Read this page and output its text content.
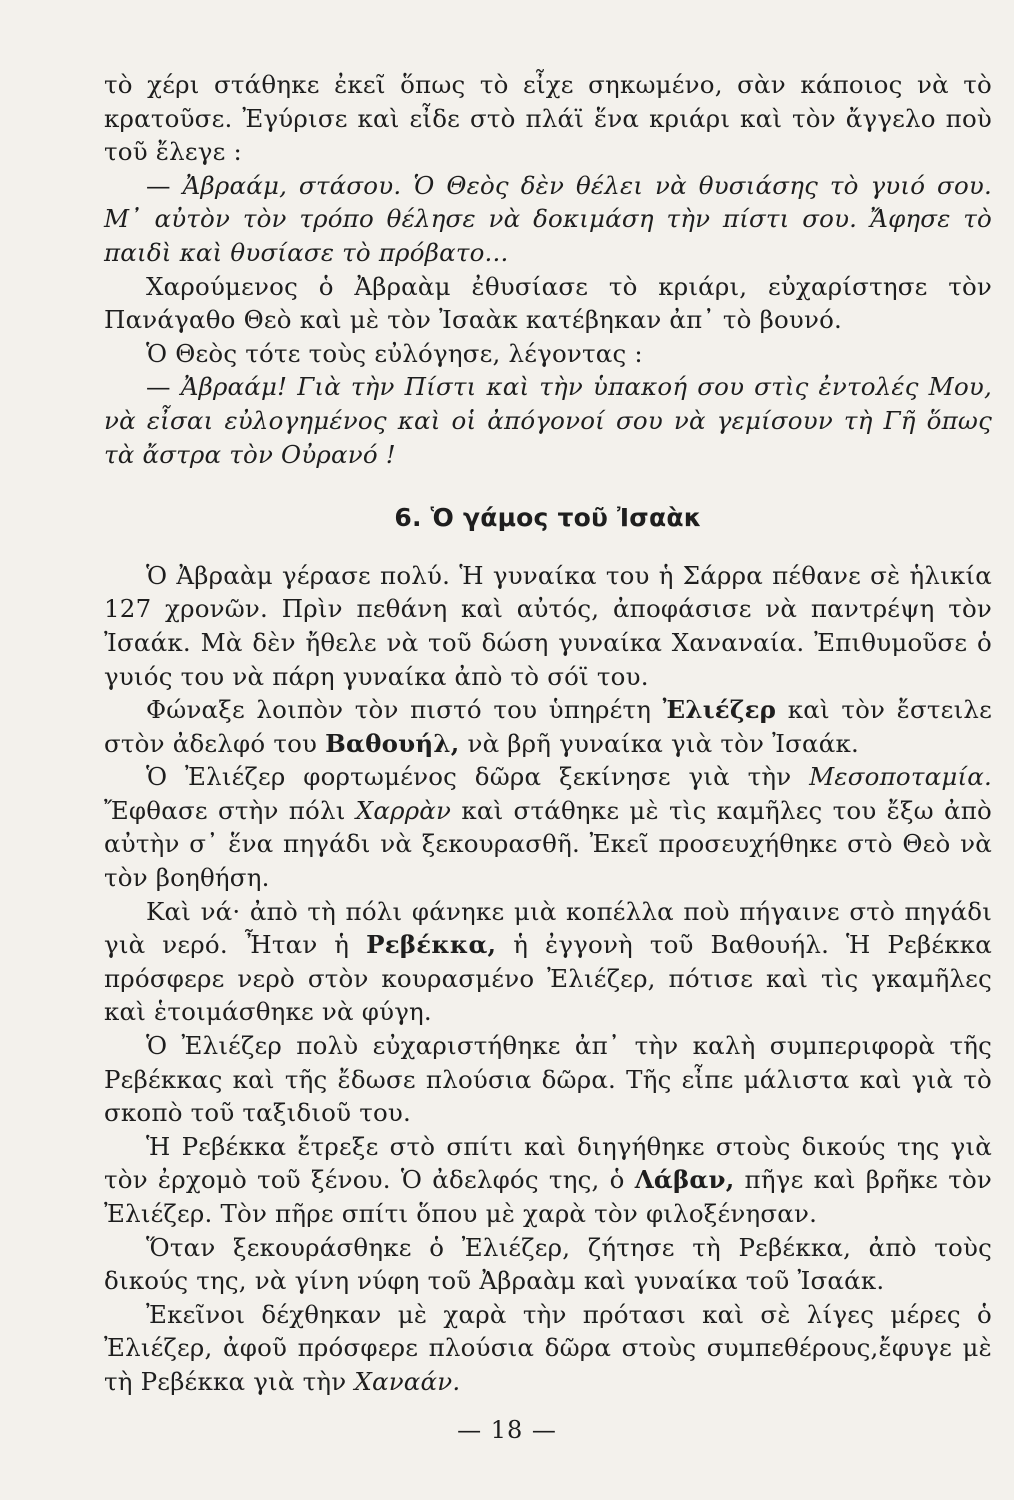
τὸ χέρι στάθηκε ἐκεῖ ὅπως τὸ εἶχε σηκωμένο, σὰν κάποιος νὰ τὸ κρατοῦσε. Ἐγύρισε καὶ εἶδε στὸ πλάϊ ἕνα κριάρι καὶ τὸν ἄγγελο ποὺ τοῦ ἔλεγε :

— Ἀβραάμ, στάσου. Ὁ Θεὸς δὲν θέλει νὰ θυσιάσης τὸ γυιό σου. Μ᾿ αὐτὸν τὸν τρόπο θέλησε νὰ δοκιμάση τὴν πίστι σου. Ἄφησε τὸ παιδὶ καὶ θυσίασε τὸ πρόβατο...

Χαρούμενος ὁ Ἀβραὰμ ἐθυσίασε τὸ κριάρι, εὐχαρίστησε τὸν Πανάγαθο Θεὸ καὶ μὲ τὸν Ἰσαὰκ κατέβηκαν ἀπ᾿ τὸ βουνό.

Ὁ Θεὸς τότε τοὺς εὐλόγησε, λέγοντας :

— Ἀβραάμ! Γιὰ τὴν Πίστι καὶ τὴν ὑπακοή σου στὶς ἐντολές Μου, νὰ εἶσαι εὐλογημένος καὶ οἱ ἀπόγονοί σου νὰ γεμίσουν τὴ Γῆ ὅπως τὰ ἄστρα τὸν Οὐρανό !

6. Ὁ γάμος τοῦ Ἰσαὰκ

Ὁ Ἀβραὰμ γέρασε πολύ. Ἡ γυναίκα του ἡ Σάρρα πέθανε σὲ ἡλικία 127 χρονῶν. Πρὶν πεθάνη καὶ αὐτός, ἀποφάσισε νὰ παντρέψη τὸν Ἰσαάκ. Μὰ δὲν ἤθελε νὰ τοῦ δώση γυναίκα Χαναναία. Ἐπιθυμοῦσε ὁ γυιός του νὰ πάρη γυναίκα ἀπὸ τὸ σόϊ του.

Φώναξε λοιπὸν τὸν πιστό του ὑπηρέτη Ἐλιέζερ καὶ τὸν ἔστειλε στὸν ἀδελφό του Βαθουήλ, νὰ βρῆ γυναίκα γιὰ τὸν Ἰσαάκ.

Ὁ Ἐλιέζερ φορτωμένος δῶρα ξεκίνησε γιὰ τὴν Μεσοποταμία. Ἔφθασε στὴν πόλι Χαρρὰν καὶ στάθηκε μὲ τὶς καμῆλες του ἔξω ἀπὸ αὐτὴν σ᾿ ἕνα πηγάδι νὰ ξεκουρασθῆ. Ἐκεῖ προσευχήθηκε στὸ Θεὸ νὰ τὸν βοηθήση.

Καὶ νά· ἀπὸ τὴ πόλι φάνηκε μιὰ κοπέλλα ποὺ πήγαινε στὸ πηγάδι γιὰ νερό. Ἦταν ἡ Ρεβέκκα, ἡ ἐγγονὴ τοῦ Βαθουήλ. Ἡ Ρεβέκκα πρόσφερε νερὸ στὸν κουρασμένο Ἐλιέζερ, πότισε καὶ τὶς γκαμῆλες καὶ ἑτοιμάσθηκε νὰ φύγη.

Ὁ Ἐλιέζερ πολὺ εὐχαριστήθηκε ἀπ᾿ τὴν καλὴ συμπεριφορὰ τῆς Ρεβέκκας καὶ τῆς ἔδωσε πλούσια δῶρα. Τῆς εἶπε μάλιστα καὶ γιὰ τὸ σκοπὸ τοῦ ταξιδιοῦ του.

Ἡ Ρεβέκκα ἔτρεξε στὸ σπίτι καὶ διηγήθηκε στοὺς δικούς της γιὰ τὸν ἐρχομὸ τοῦ ξένου. Ὁ ἀδελφός της, ὁ Λάβαν, πῆγε καὶ βρῆκε τὸν Ἐλιέζερ. Τὸν πῆρε σπίτι ὅπου μὲ χαρὰ τὸν φιλοξένησαν.

Ὅταν ξεκουράσθηκε ὁ Ἐλιέζερ, ζήτησε τὴ Ρεβέκκα, ἀπὸ τοὺς δικούς της, νὰ γίνη νύφη τοῦ Ἀβραὰμ καὶ γυναίκα τοῦ Ἰσαάκ.

Ἐκεῖνοι δέχθηκαν μὲ χαρὰ τὴν πρότασι καὶ σὲ λίγες μέρες ὁ Ἐλιέζερ, ἀφοῦ πρόσφερε πλούσια δῶρα στοὺς συμπεθέρους,ἔφυγε μὲ τὴ Ρεβέκκα γιὰ τὴν Χαναάν.

— 18 —
